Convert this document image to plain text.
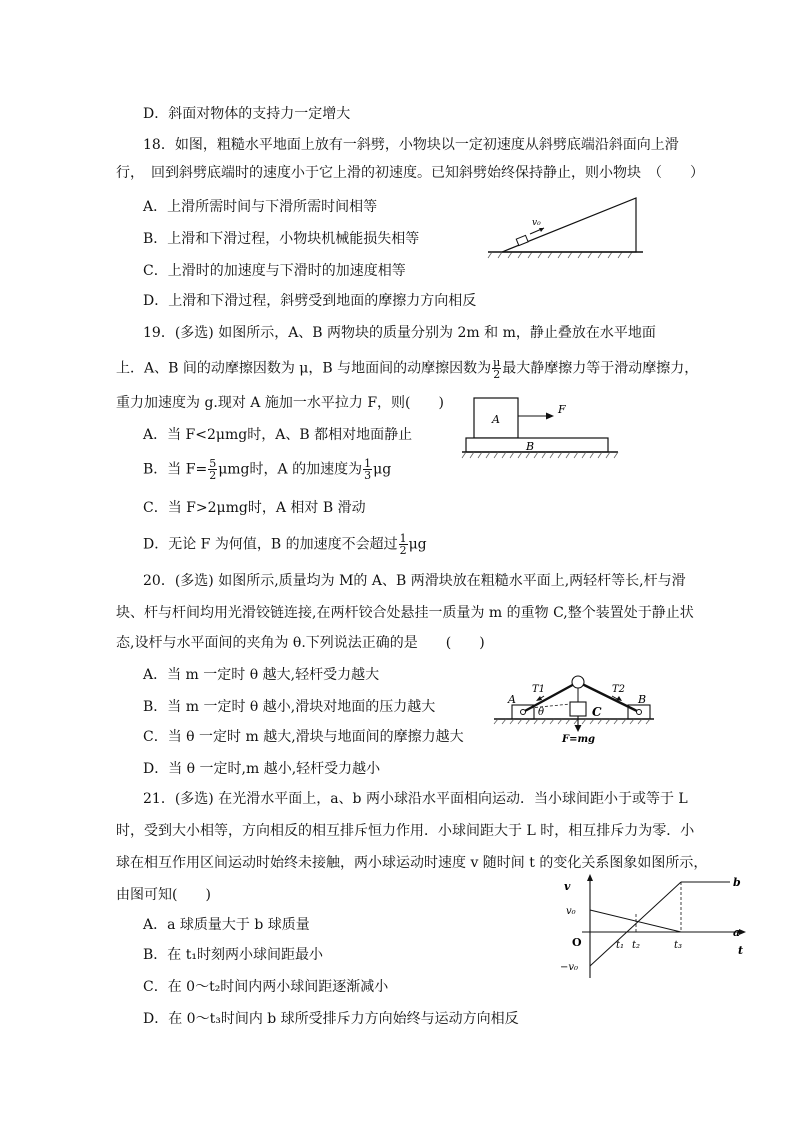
D．斜面对物体的支持力一定增大
18．如图，粗糙水平地面上放有一斜劈，小物块以一定初速度从斜劈底端沿斜面向上滑
行，　回到斜劈底端时的速度小于它上滑的初速度。已知斜劈始终保持静止，则小物块　（　　）
A．上滑所需时间与下滑所需时间相等
B．上滑和下滑过程，小物块机械能损失相等
C．上滑时的加速度与下滑时的加速度相等
D．上滑和下滑过程，斜劈受到地面的摩擦力方向相反
v₀
19．(多选) 如图所示，A、B 两物块的质量分别为 2m 和 m，静止叠放在水平地面
上．A、B 间的动摩擦因数为 μ，B 与地面间的动摩擦因数为 $\frac{\mu}{2}$ 最大静摩擦力等于滑动摩擦力，
重力加速度为 g.现对 A 施加一水平拉力 F，则(　　)
A．当 F<2μmg时，A、B 都相对地面静止
B．当 $F= \frac{5}{2}$ μmg时，A 的加速度为 $\frac{1}{3}$ μg
C．当 F>2μmg时，A 相对 B 滑动
D．无论 F 为何值，B 的加速度不会超过 $\frac{1}{2}$ μg
A
B
F
20．(多选) 如图所示,质量均为 M的 A、B 两滑块放在粗糙水平面上,两轻杆等长,杆与滑
块、杆与杆间均用光滑铰链连接,在两杆铰合处悬挂一质量为 m 的重物 C,整个装置处于静止状
态,设杆与水平面间的夹角为 θ.下列说法正确的是　　(　　)
A．当 m 一定时 θ 越大,轻杆受力越大
B．当 m 一定时 θ 越小,滑块对地面的压力越大
C．当 θ 一定时 m 越大,滑块与地面间的摩擦力越大
D．当 θ 一定时,m 越小,轻杆受力越小
A	B
C
T1	T2
θ
F=mg
21．(多选) 在光滑水平面上，a、b 两小球沿水平面相向运动．当小球间距小于或等于 L
时，受到大小相等，方向相反的相互排斥恒力作用．小球间距大于 L 时，相互排斥力为零．小
球在相互作用区间运动时始终未接触，两小球运动时速度 v 随时间 t 的变化关系图象如图所示，
由图可知(　　)
A．a 球质量大于 b 球质量
B．在 t₁时刻两小球间距最小
C．在 0～t₂时间内两小球间距逐渐减小
D．在 0～t₃时间内 b 球所受排斥力方向始终与运动方向相反
v
t
v₀
O
−v₀
t₁ t₂	t₃
a
b
